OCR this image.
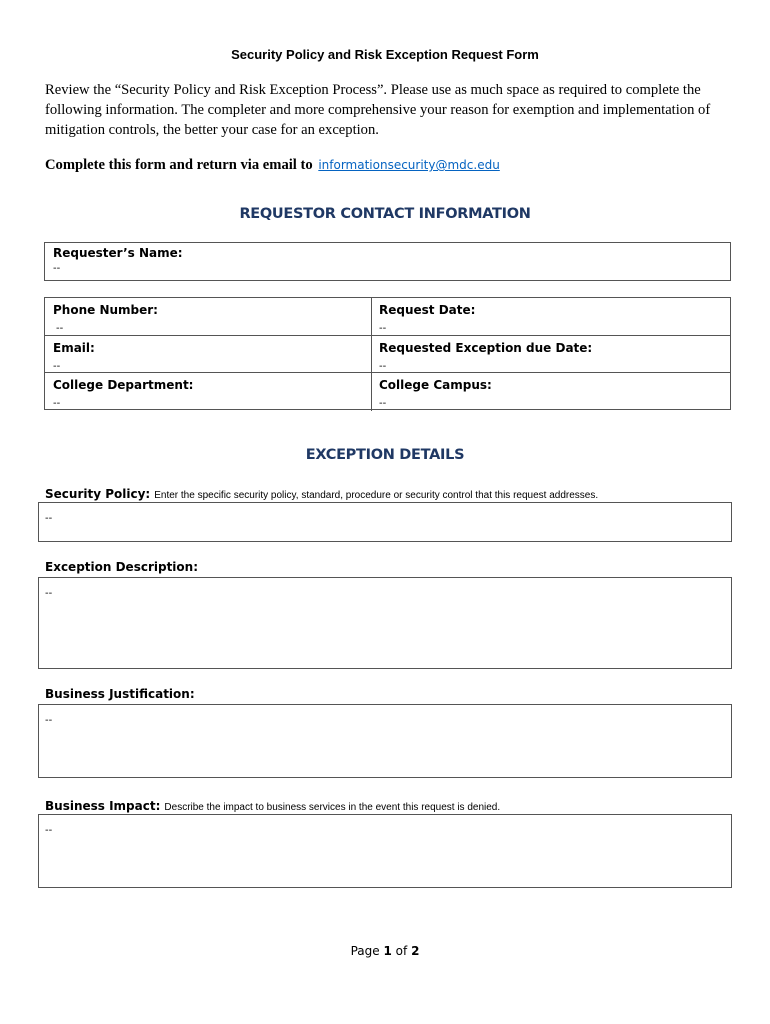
Security Policy and Risk Exception Request Form
Review the “Security Policy and Risk Exception Process”. Please use as much space as required to complete the following information. The completer and more comprehensive your reason for exemption and implementation of mitigation controls, the better your case for an exception.
Complete this form and return via email to informationsecurity@mdc.edu
REQUESTOR CONTACT INFORMATION
Requester’s Name:
--
Phone Number:
--
Request Date:
--
Email:
--
Requested Exception due Date:
--
College Department:
--
College Campus:
--
EXCEPTION DETAILS
Security Policy: Enter the specific security policy, standard, procedure or security control that this request addresses.
--
Exception Description:
--
Business Justification:
--
Business Impact: Describe the impact to business services in the event this request is denied.
--
Page 1 of 2
